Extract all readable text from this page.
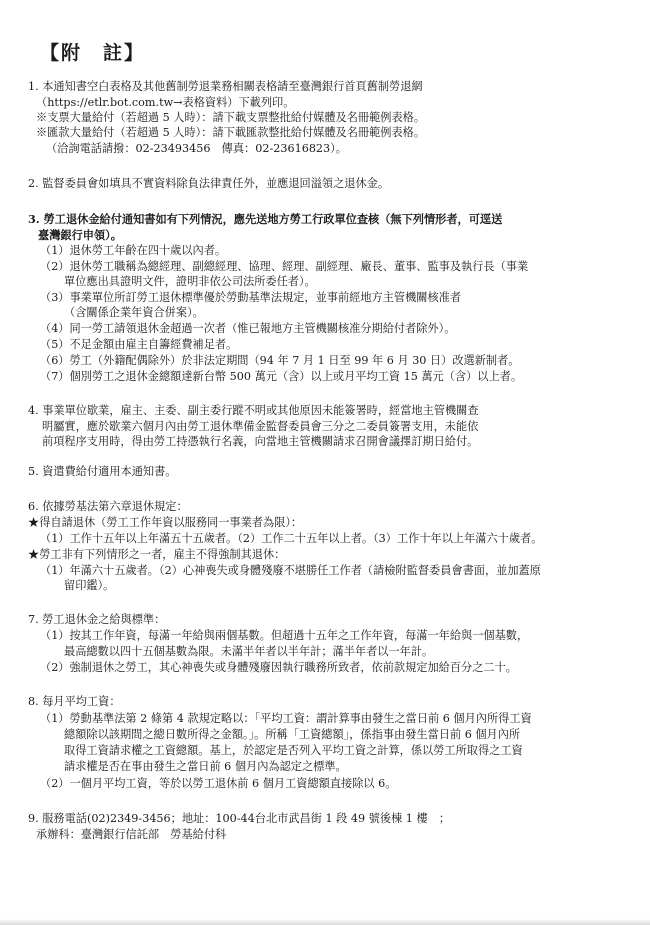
【附　註】
1. 本通知書空白表格及其他舊制勞退業務相關表格請至臺灣銀行首頁舊制勞退網
（https://etlr.bot.com.tw→表格資料）下載列印。
※支票大量給付（若超過 5 人時）：請下載支票整批給付媒體及名冊範例表格。
※匯款大量給付（若超過 5 人時）：請下載匯款整批給付媒體及名冊範例表格。
（洽詢電話請撥：02-23493456　傳真：02-23616823）。
2. 監督委員會如填具不實資料除負法律責任外，並應退回溢領之退休金。
3. 勞工退休金給付通知書如有下列情況，應先送地方勞工行政單位查核（無下列情形者，可逕送
臺灣銀行申領）。
（1）退休勞工年齡在四十歲以內者。
（2）退休勞工職稱為總經理、副總經理、協理、經理、副經理、廠長、董事、監事及執行長（事業
單位應出具證明文件，證明非依公司法所委任者）。
（3）事業單位所訂勞工退休標準優於勞動基準法規定，並事前經地方主管機關核准者
（含關係企業年資合併案）。
（4）同一勞工請領退休金超過一次者（惟已報地方主管機關核准分期給付者除外）。
（5）不足金額由雇主自籌經費補足者。
（6）勞工（外籍配偶除外）於非法定期間（94 年 7 月 1 日至 99 年 6 月 30 日）改選新制者。
（7）個別勞工之退休金總額達新台幣 500 萬元（含）以上或月平均工資 15 萬元（含）以上者。
4. 事業單位歇業，雇主、主委、副主委行蹤不明或其他原因未能簽署時，經當地主管機關查
明屬實，應於歇業六個月內由勞工退休準備金監督委員會三分之二委員簽署支用，未能依
前項程序支用時，得由勞工持憑執行名義，向當地主管機關請求召開會議擇訂期日給付。
5. 資遣費給付適用本通知書。
6. 依據勞基法第六章退休規定：
★得自請退休（勞工工作年資以服務同一事業者為限）：
（1）工作十五年以上年滿五十五歲者。（2）工作二十五年以上者。（3）工作十年以上年滿六十歲者。
★勞工非有下列情形之一者，雇主不得強制其退休：
（1）年滿六十五歲者。（2）心神喪失或身體殘廢不堪勝任工作者（請檢附監督委員會書面，並加蓋原
留印鑑）。
7. 勞工退休金之給與標準：
（1）按其工作年資，每滿一年給與兩個基數。但超過十五年之工作年資，每滿一年給與一個基數，
最高總數以四十五個基數為限。未滿半年者以半年計；滿半年者以一年計。
（2）強制退休之勞工，其心神喪失或身體殘廢因執行職務所致者，依前款規定加給百分之二十。
8. 每月平均工資：
（1）勞動基準法第 2 條第 4 款規定略以：「平均工資：謂計算事由發生之當日前 6 個月內所得工資
總額除以該期間之總日數所得之金額。」。所稱「工資總額」，係指事由發生當日前 6 個月內所
取得工資請求權之工資總額。基上，於認定是否列入平均工資之計算，係以勞工所取得之工資
請求權是否在事由發生之當日前 6 個月內為認定之標準。
（2）一個月平均工資，等於以勞工退休前 6 個月工資總額直接除以 6。
9. 服務電話(02)2349-3456；地址：100-44台北市武昌街 1 段 49 號後棟 1 樓　；
承辦科：臺灣銀行信託部　勞基給付科
